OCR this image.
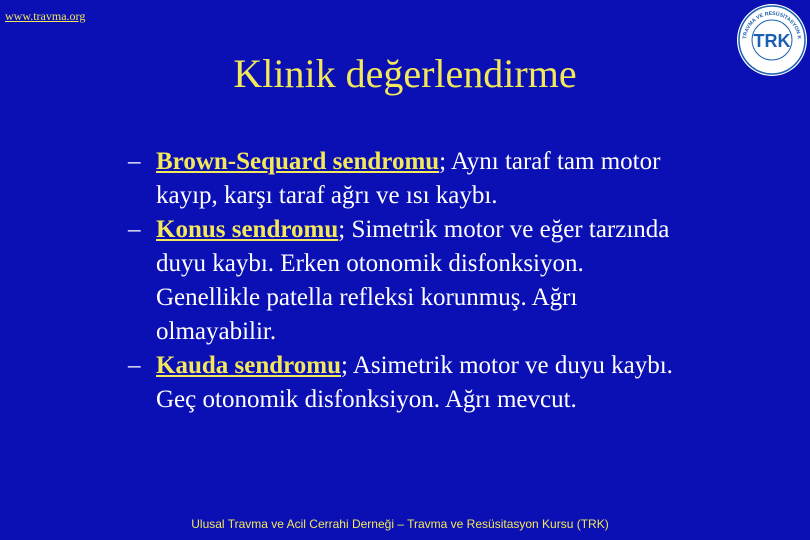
www.travma.org
TRAVMA VE RESÜSİTASYON K
TRK
Klinik değerlendirme
– Brown-Sequard sendromu; Aynı taraf tam motor kayıp, karşı taraf ağrı ve ısı kaybı.
– Konus sendromu; Simetrik motor ve eğer tarzında duyu kaybı. Erken otonomik disfonksiyon. Genellikle patella refleksi korunmuş. Ağrı olmayabilir.
– Kauda sendromu; Asimetrik motor ve duyu kaybı. Geç otonomik disfonksiyon. Ağrı mevcut.
Ulusal Travma ve Acil Cerrahi Derneği – Travma ve Resüsitasyon Kursu (TRK)
